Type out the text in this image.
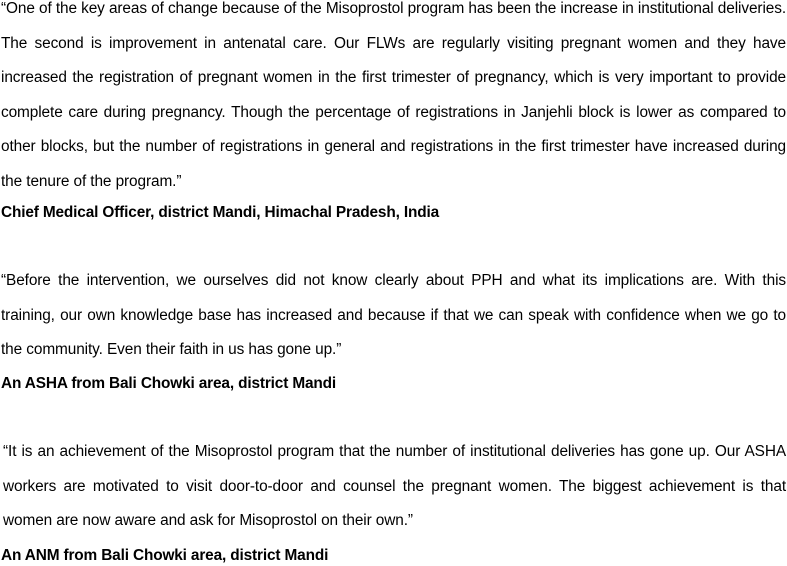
“One of the key areas of change because of the Misoprostol program has been the increase in institutional deliveries. The second is improvement in antenatal care. Our FLWs are regularly visiting pregnant women and they have increased the registration of pregnant women in the first trimester of pregnancy, which is very important to provide complete care during pregnancy. Though the percentage of registrations in Janjehli block is lower as compared to other blocks, but the number of registrations in general and registrations in the first trimester have increased during the tenure of the program.”

Chief Medical Officer, district Mandi, Himachal Pradesh, India

“Before the intervention, we ourselves did not know clearly about PPH and what its implications are. With this training, our own knowledge base has increased and because if that we can speak with confidence when we go to the community. Even their faith in us has gone up.”

An ASHA from Bali Chowki area, district Mandi

“It is an achievement of the Misoprostol program that the number of institutional deliveries has gone up. Our ASHA workers are motivated to visit door-to-door and counsel the pregnant women. The biggest achievement is that women are now aware and ask for Misoprostol on their own.”

An ANM from Bali Chowki area, district Mandi
